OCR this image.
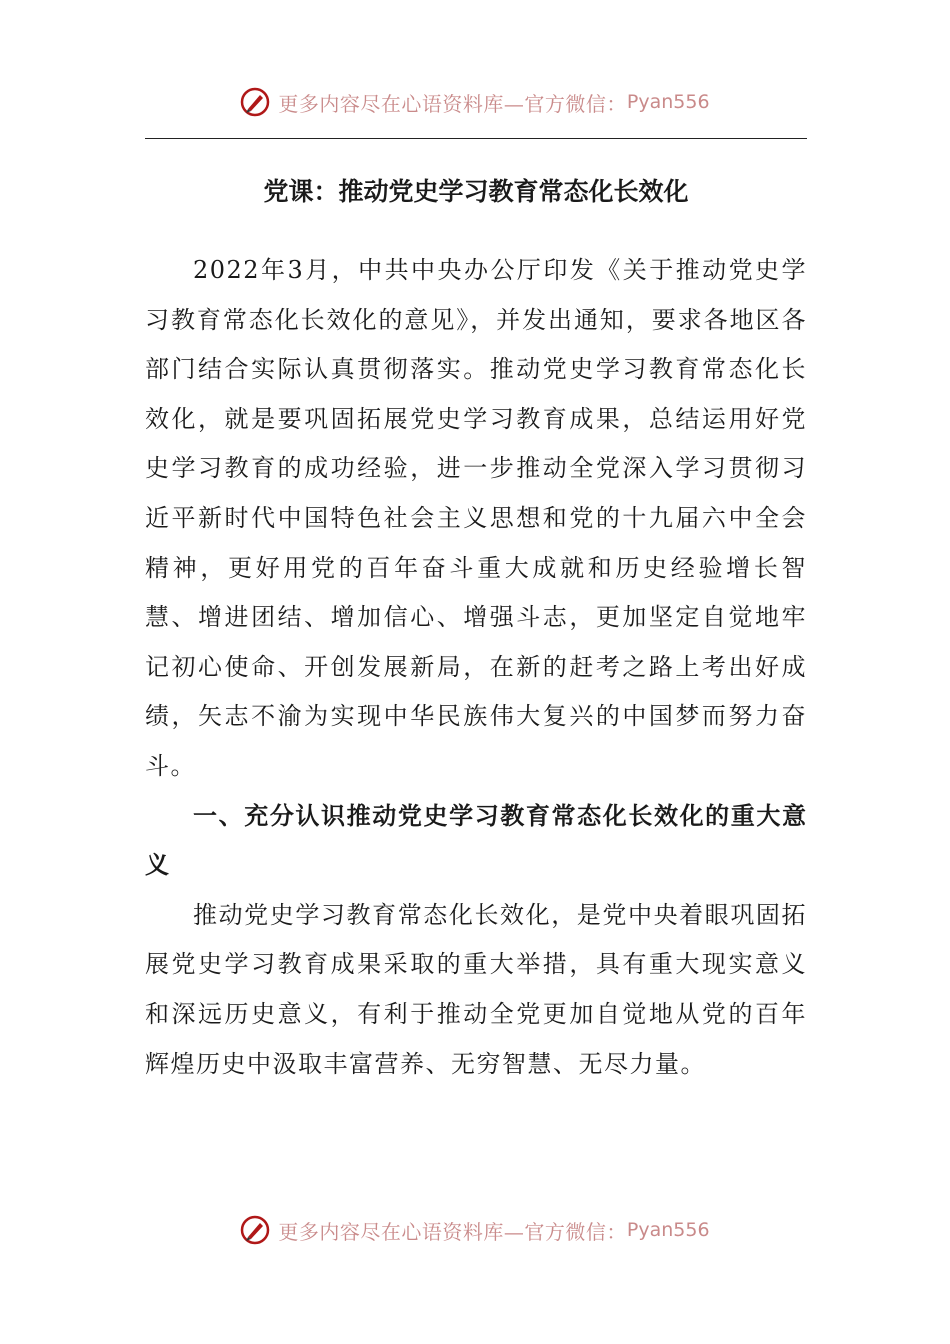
更多内容尽在心语资料库—官方微信： Pyan556
党课：推动党史学习教育常态化长效化

2022年3月，中共中央办公厅印发《关于推动党史学习教育常态化长效化的意见》，并发出通知，要求各地区各部门结合实际认真贯彻落实。推动党史学习教育常态化长效化，就是要巩固拓展党史学习教育成果，总结运用好党史学习教育的成功经验，进一步推动全党深入学习贯彻习近平新时代中国特色社会主义思想和党的十九届六中全会精神，更好用党的百年奋斗重大成就和历史经验增长智慧、增进团结、增加信心、增强斗志，更加坚定自觉地牢记初心使命、开创发展新局，在新的赶考之路上考出好成绩，矢志不渝为实现中华民族伟大复兴的中国梦而努力奋斗。

一、充分认识推动党史学习教育常态化长效化的重大意义

推动党史学习教育常态化长效化，是党中央着眼巩固拓展党史学习教育成果采取的重大举措，具有重大现实意义和深远历史意义，有利于推动全党更加自觉地从党的百年辉煌历史中汲取丰富营养、无穷智慧、无尽力量。

更多内容尽在心语资料库—官方微信： Pyan556
